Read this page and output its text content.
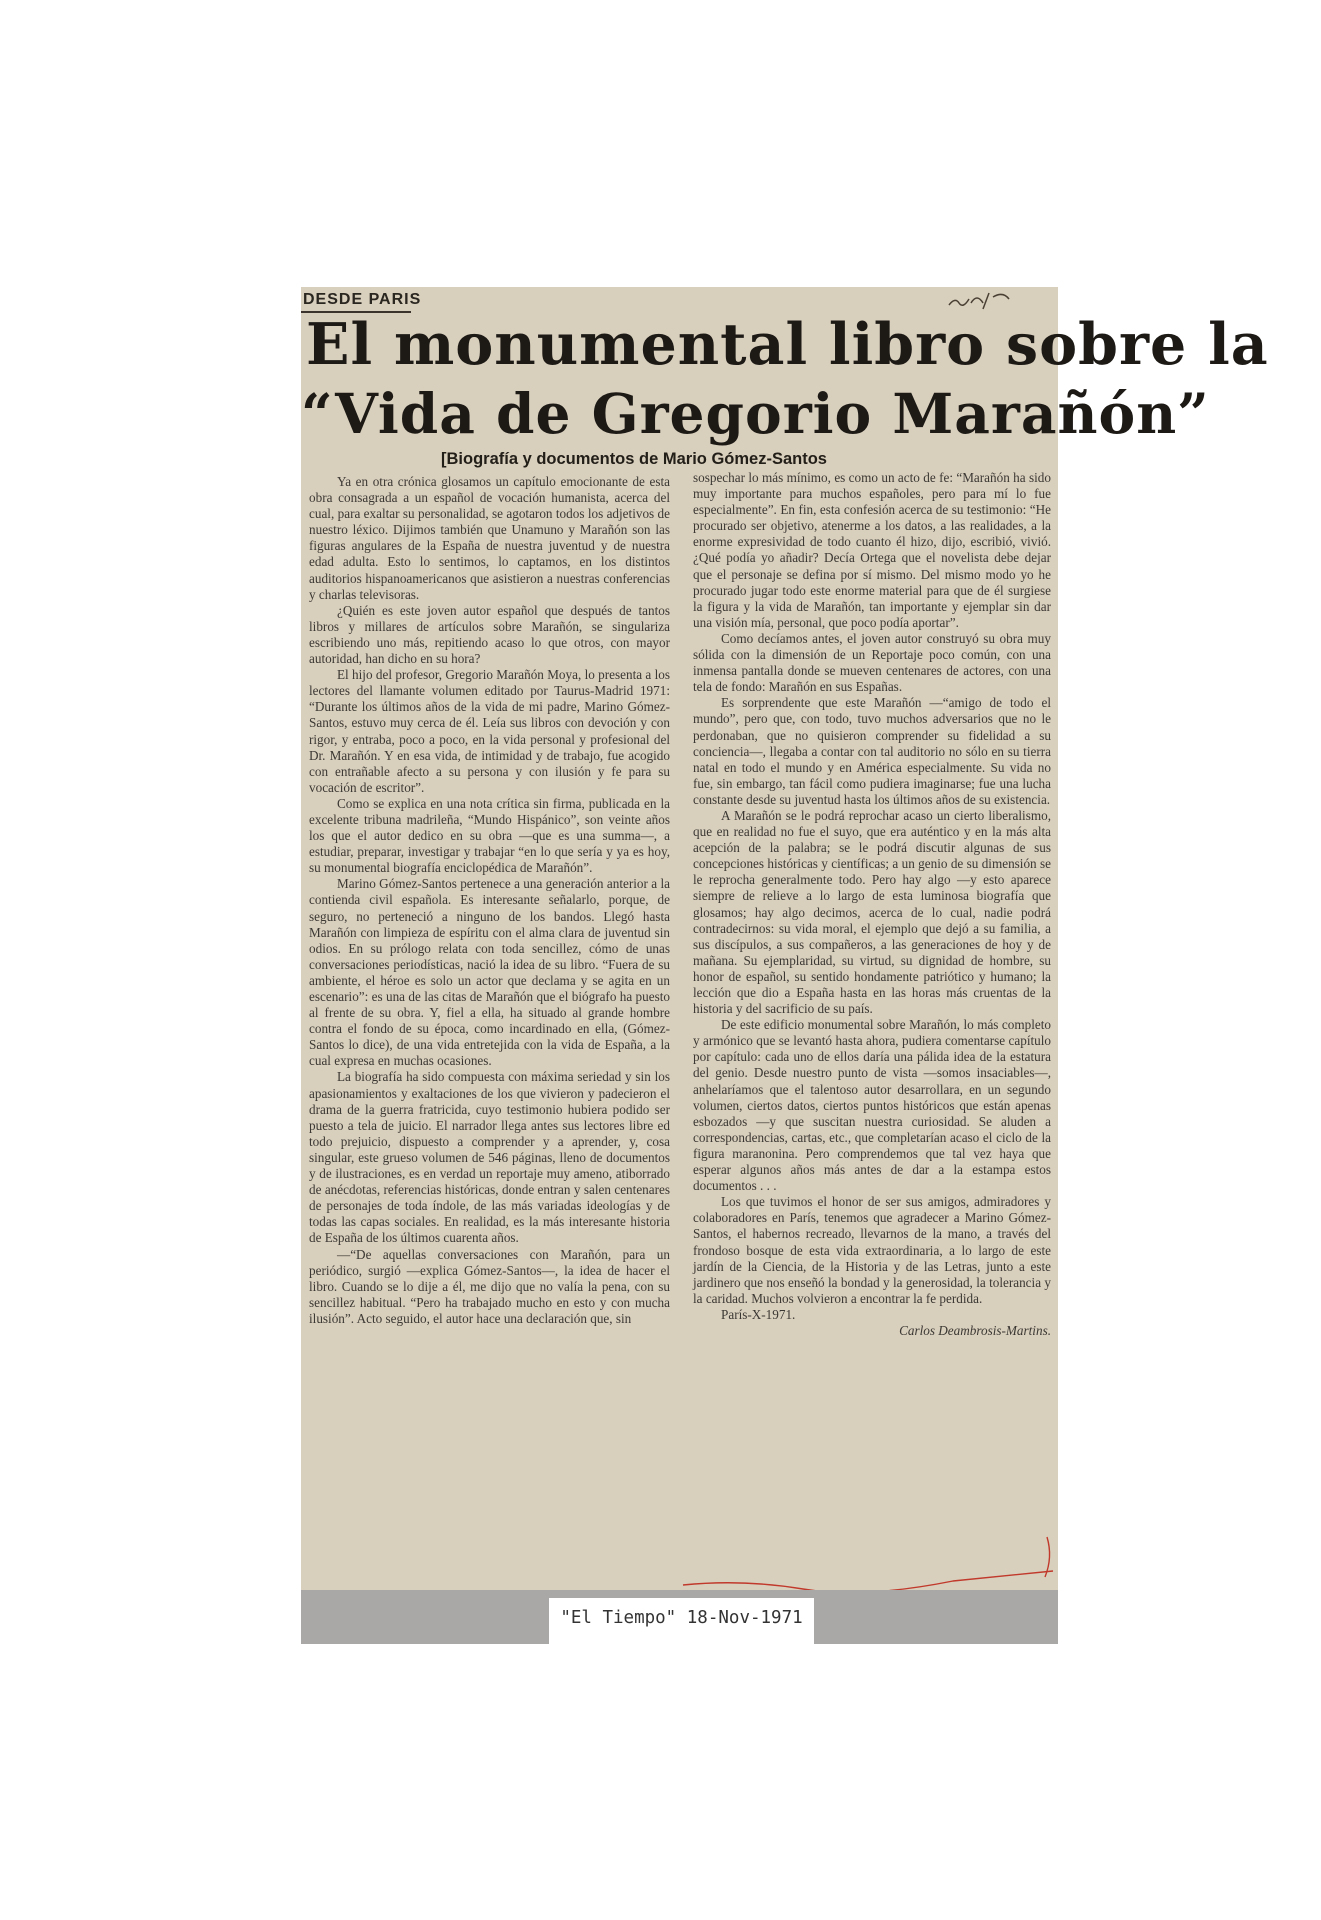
DESDE PARIS
El monumental libro sobre la
“Vida de Gregorio Marañón”
[Biografía y documentos de Mario Gómez-Santos

Ya en otra crónica glosamos un capítulo emocionante de esta obra consagrada a un español de vocación humanista, acerca del cual, para exaltar su personalidad, se agotaron todos los adjetivos de nuestro léxico. Dijimos también que Unamuno y Marañón son las figuras angulares de la España de nuestra juventud y de nuestra edad adulta. Esto lo sentimos, lo captamos, en los distintos auditorios hispanoamericanos que asistieron a nuestras conferencias y charlas televisoras.

¿Quién es este joven autor español que después de tantos libros y millares de artículos sobre Marañón, se singulariza escribiendo uno más, repitiendo acaso lo que otros, con mayor autoridad, han dicho en su hora?

El hijo del profesor, Gregorio Marañón Moya, lo presenta a los lectores del llamante volumen editado por Taurus-Madrid 1971: “Durante los últimos años de la vida de mi padre, Marino Gómez-Santos, estuvo muy cerca de él. Leía sus libros con devoción y con rigor, y entraba, poco a poco, en la vida personal y profesional del Dr. Marañón. Y en esa vida, de intimidad y de trabajo, fue acogido con entrañable afecto a su persona y con ilusión y fe para su vocación de escritor”.

Como se explica en una nota crítica sin firma, publicada en la excelente tribuna madrileña, “Mundo Hispánico”, son veinte años los que el autor dedico en su obra —que es una summa—, a estudiar, preparar, investigar y trabajar “en lo que sería y ya es hoy, su monumental biografía enciclopédica de Marañón”.

Marino Gómez-Santos pertenece a una generación anterior a la contienda civil española. Es interesante señalarlo, porque, de seguro, no perteneció a ninguno de los bandos. Llegó hasta Marañón con limpieza de espíritu con el alma clara de juventud sin odios. En su prólogo relata con toda sencillez, cómo de unas conversaciones periodísticas, nació la idea de su libro. “Fuera de su ambiente, el héroe es solo un actor que declama y se agita en un escenario”: es una de las citas de Marañón que el biógrafo ha puesto al frente de su obra. Y, fiel a ella, ha situado al grande hombre contra el fondo de su época, como incardinado en ella, (Gómez-Santos lo dice), de una vida entretejida con la vida de España, a la cual expresa en muchas ocasiones.

La biografía ha sido compuesta con máxima seriedad y sin los apasionamientos y exaltaciones de los que vivieron y padecieron el drama de la guerra fratricida, cuyo testimonio hubiera podido ser puesto a tela de juicio. El narrador llega antes sus lectores libre ed todo prejuicio, dispuesto a comprender y a aprender, y, cosa singular, este grueso volumen de 546 páginas, lleno de documentos y de ilustraciones, es en verdad un reportaje muy ameno, atiborrado de anécdotas, referencias históricas, donde entran y salen centenares de personajes de toda índole, de las más variadas ideologías y de todas las capas sociales. En realidad, es la más interesante historia de España de los últimos cuarenta años.

—“De aquellas conversaciones con Marañón, para un periódico, surgió —explica Gómez-Santos—, la idea de hacer el libro. Cuando se lo dije a él, me dijo que no valía la pena, con su sencillez habitual. “Pero ha trabajado mucho en esto y con mucha ilusión”. Acto seguido, el autor hace una declaración que, sin

sospechar lo más mínimo, es como un acto de fe: “Marañón ha sido muy importante para muchos españoles, pero para mí lo fue especialmente”. En fin, esta confesión acerca de su testimonio: “He procurado ser objetivo, atenerme a los datos, a las realidades, a la enorme expresividad de todo cuanto él hizo, dijo, escribió, vivió. ¿Qué podía yo añadir? Decía Ortega que el novelista debe dejar que el personaje se defina por sí mismo. Del mismo modo yo he procurado jugar todo este enorme material para que de él surgiese la figura y la vida de Marañón, tan importante y ejemplar sin dar una visión mía, personal, que poco podía aportar”.

Como decíamos antes, el joven autor construyó su obra muy sólida con la dimensión de un Reportaje poco común, con una inmensa pantalla donde se mueven centenares de actores, con una tela de fondo: Marañón en sus Españas.

Es sorprendente que este Marañón —“amigo de todo el mundo”, pero que, con todo, tuvo muchos adversarios que no le perdonaban, que no quisieron comprender su fidelidad a su conciencia—, llegaba a contar con tal auditorio no sólo en su tierra natal en todo el mundo y en América especialmente. Su vida no fue, sin embargo, tan fácil como pudiera imaginarse; fue una lucha constante desde su juventud hasta los últimos años de su existencia.

A Marañón se le podrá reprochar acaso un cierto liberalismo, que en realidad no fue el suyo, que era auténtico y en la más alta acepción de la palabra; se le podrá discutir algunas de sus concepciones históricas y científicas; a un genio de su dimensión se le reprocha generalmente todo. Pero hay algo —y esto aparece siempre de relieve a lo largo de esta luminosa biografía que glosamos; hay algo decimos, acerca de lo cual, nadie podrá contradecirnos: su vida moral, el ejemplo que dejó a su familia, a sus discípulos, a sus compañeros, a las generaciones de hoy y de mañana. Su ejemplaridad, su virtud, su dignidad de hombre, su honor de español, su sentido hondamente patriótico y humano; la lección que dio a España hasta en las horas más cruentas de la historia y del sacrificio de su país.

De este edificio monumental sobre Marañón, lo más completo y armónico que se levantó hasta ahora, pudiera comentarse capítulo por capítulo: cada uno de ellos daría una pálida idea de la estatura del genio. Desde nuestro punto de vista —somos insaciables—, anhelaríamos que el talentoso autor desarrollara, en un segundo volumen, ciertos datos, ciertos puntos históricos que están apenas esbozados —y que suscitan nuestra curiosidad. Se aluden a correspondencias, cartas, etc., que completarían acaso el ciclo de la figura maranonina. Pero comprendemos que tal vez haya que esperar algunos años más antes de dar a la estampa estos documentos . . .

Los que tuvimos el honor de ser sus amigos, admiradores y colaboradores en París, tenemos que agradecer a Marino Gómez-Santos, el habernos recreado, llevarnos de la mano, a través del frondoso bosque de esta vida extraordinaria, a lo largo de este jardín de la Ciencia, de la Historia y de las Letras, junto a este jardinero que nos enseñó la bondad y la generosidad, la tolerancia y la caridad. Muchos volvieron a encontrar la fe perdida.

París-X-1971.

Carlos Deambrosis-Martins.

"El Tiempo" 18-Nov-1971
